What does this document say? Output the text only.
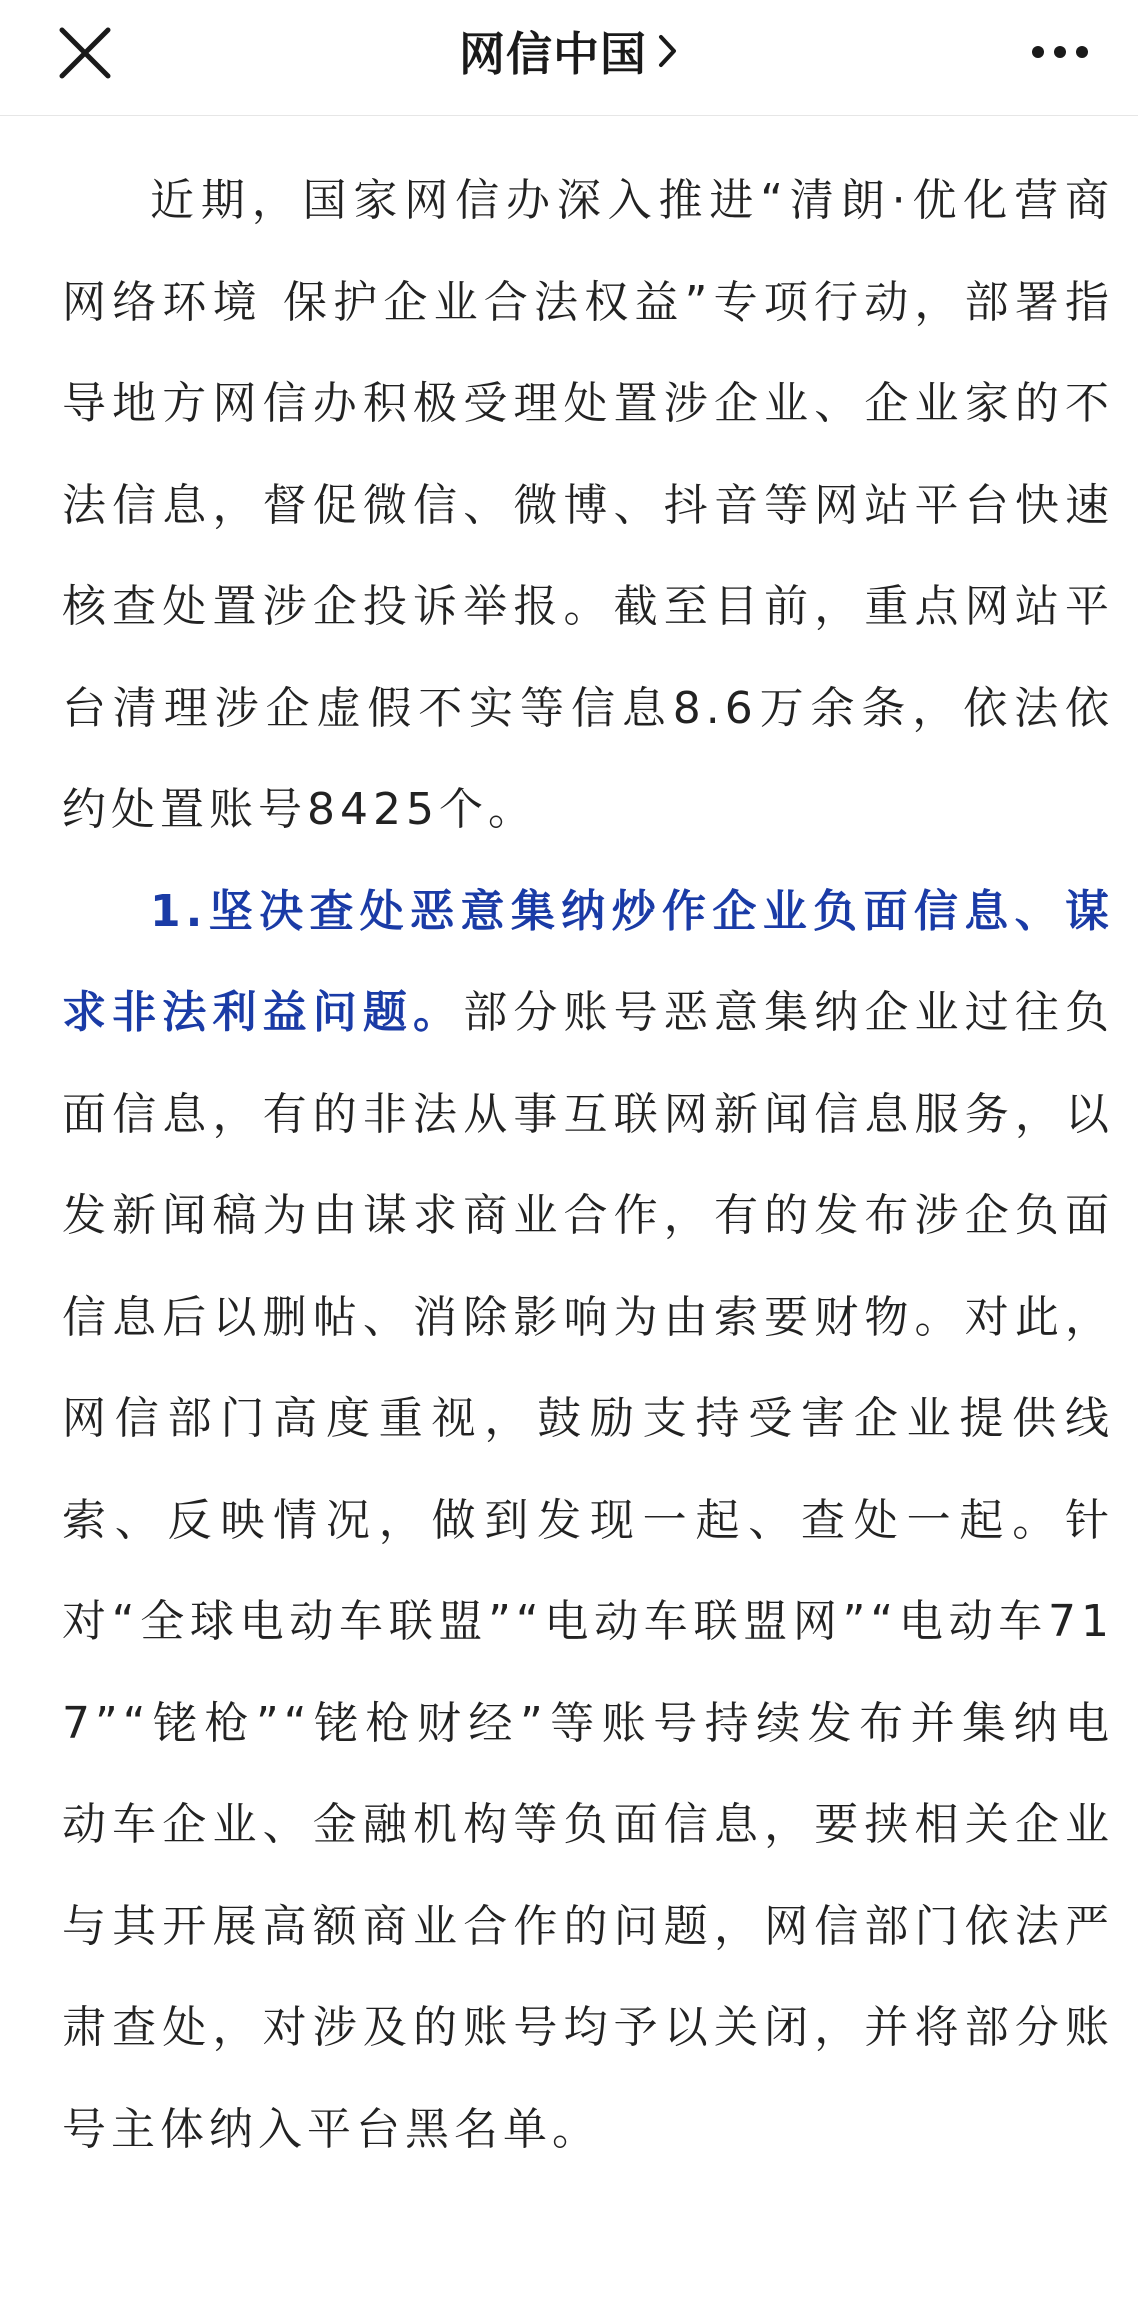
网信中国

近期，国家网信办深入推进“清朗·优化营商网络环境 保护企业合法权益”专项行动，部署指导地方网信办积极受理处置涉企业、企业家的不法信息，督促微信、微博、抖音等网站平台快速核查处置涉企投诉举报。截至目前，重点网站平台清理涉企虚假不实等信息8.6万余条，依法依约处置账号8425个。

1.坚决查处恶意集纳炒作企业负面信息、谋求非法利益问题。部分账号恶意集纳企业过往负面信息，有的非法从事互联网新闻信息服务，以发新闻稿为由谋求商业合作，有的发布涉企负面信息后以删帖、消除影响为由索要财物。对此，网信部门高度重视，鼓励支持受害企业提供线索、反映情况，做到发现一起、查处一起。针对“全球电动车联盟”“电动车联盟网”“电动车717”“铑枪”“铑枪财经”等账号持续发布并集纳电动车企业、金融机构等负面信息，要挟相关企业与其开展高额商业合作的问题，网信部门依法严肃查处，对涉及的账号均予以关闭，并将部分账号主体纳入平台黑名单。
